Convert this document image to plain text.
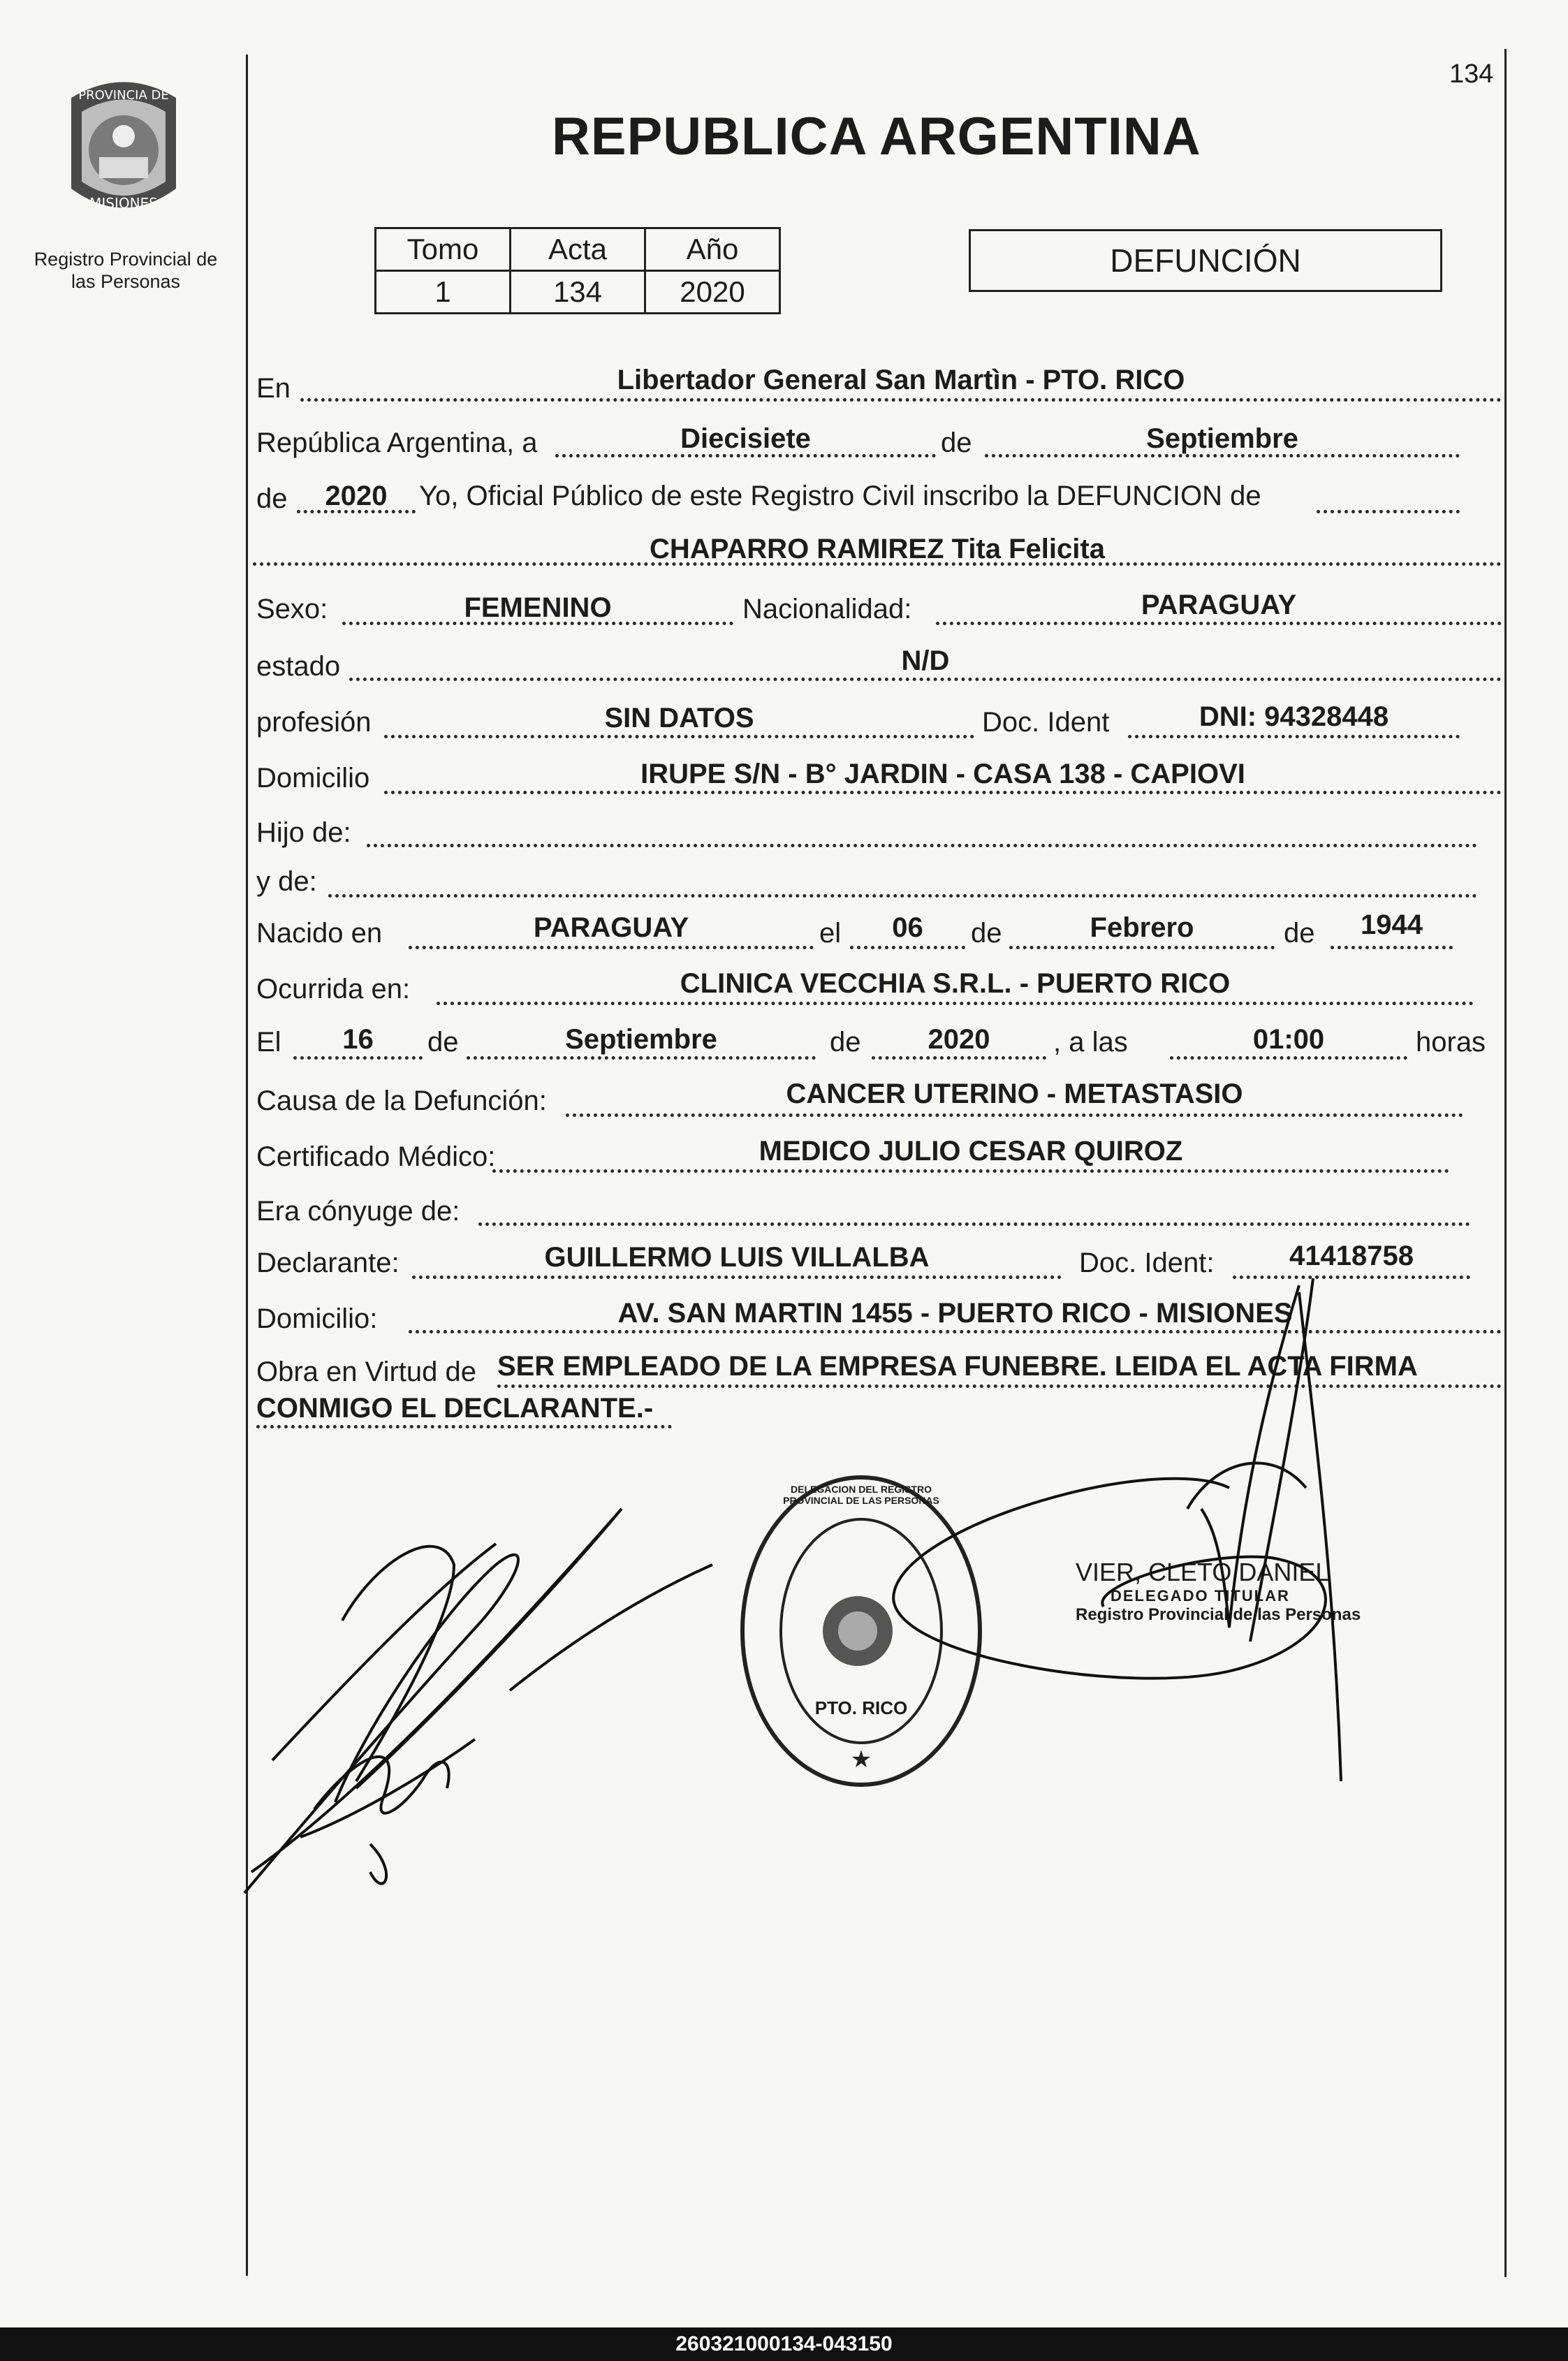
134
PROVINCIA DE
MISIONES
Registro Provincial de las Personas
REPUBLICA ARGENTINA
Tomo	Acta	Año
1	134	2020
DEFUNCIÓN
En	Libertador General San Martìn - PTO. RICO
República Argentina, a	Diecisiete	de	Septiembre
de	2020	Yo, Oficial Público de este Registro Civil inscribo la DEFUNCION de
CHAPARRO RAMIREZ Tita Felicita
Sexo:	FEMENINO	Nacionalidad:	PARAGUAY
estado	N/D
profesión	SIN DATOS	Doc. Ident	DNI: 94328448
Domicilio	IRUPE S/N - B° JARDIN - CASA 138 - CAPIOVI
Hijo de:
y de:
Nacido en	PARAGUAY	el	06	de	Febrero	de	1944
Ocurrida en:	CLINICA VECCHIA S.R.L. - PUERTO RICO
El	16	de	Septiembre	de	2020	, a las	01:00	horas
Causa de la Defunción:	CANCER UTERINO - METASTASIO
Certificado Médico:	MEDICO JULIO CESAR QUIROZ
Era cónyuge de:
Declarante:	GUILLERMO LUIS VILLALBA	Doc. Ident:	41418758
Domicilio:	AV. SAN MARTIN 1455 - PUERTO RICO - MISIONES
Obra en Virtud de SER EMPLEADO DE LA EMPRESA FUNEBRE. LEIDA EL ACTA FIRMA
CONMIGO EL DECLARANTE.-
★
DELEGACION DEL REGISTRO PROVINCIAL DE LAS PERSONAS
PTO. RICO
VIER, CLETO DANIEL
DELEGADO TITULAR
Registro Provincial de las Personas
260321000134-043150
